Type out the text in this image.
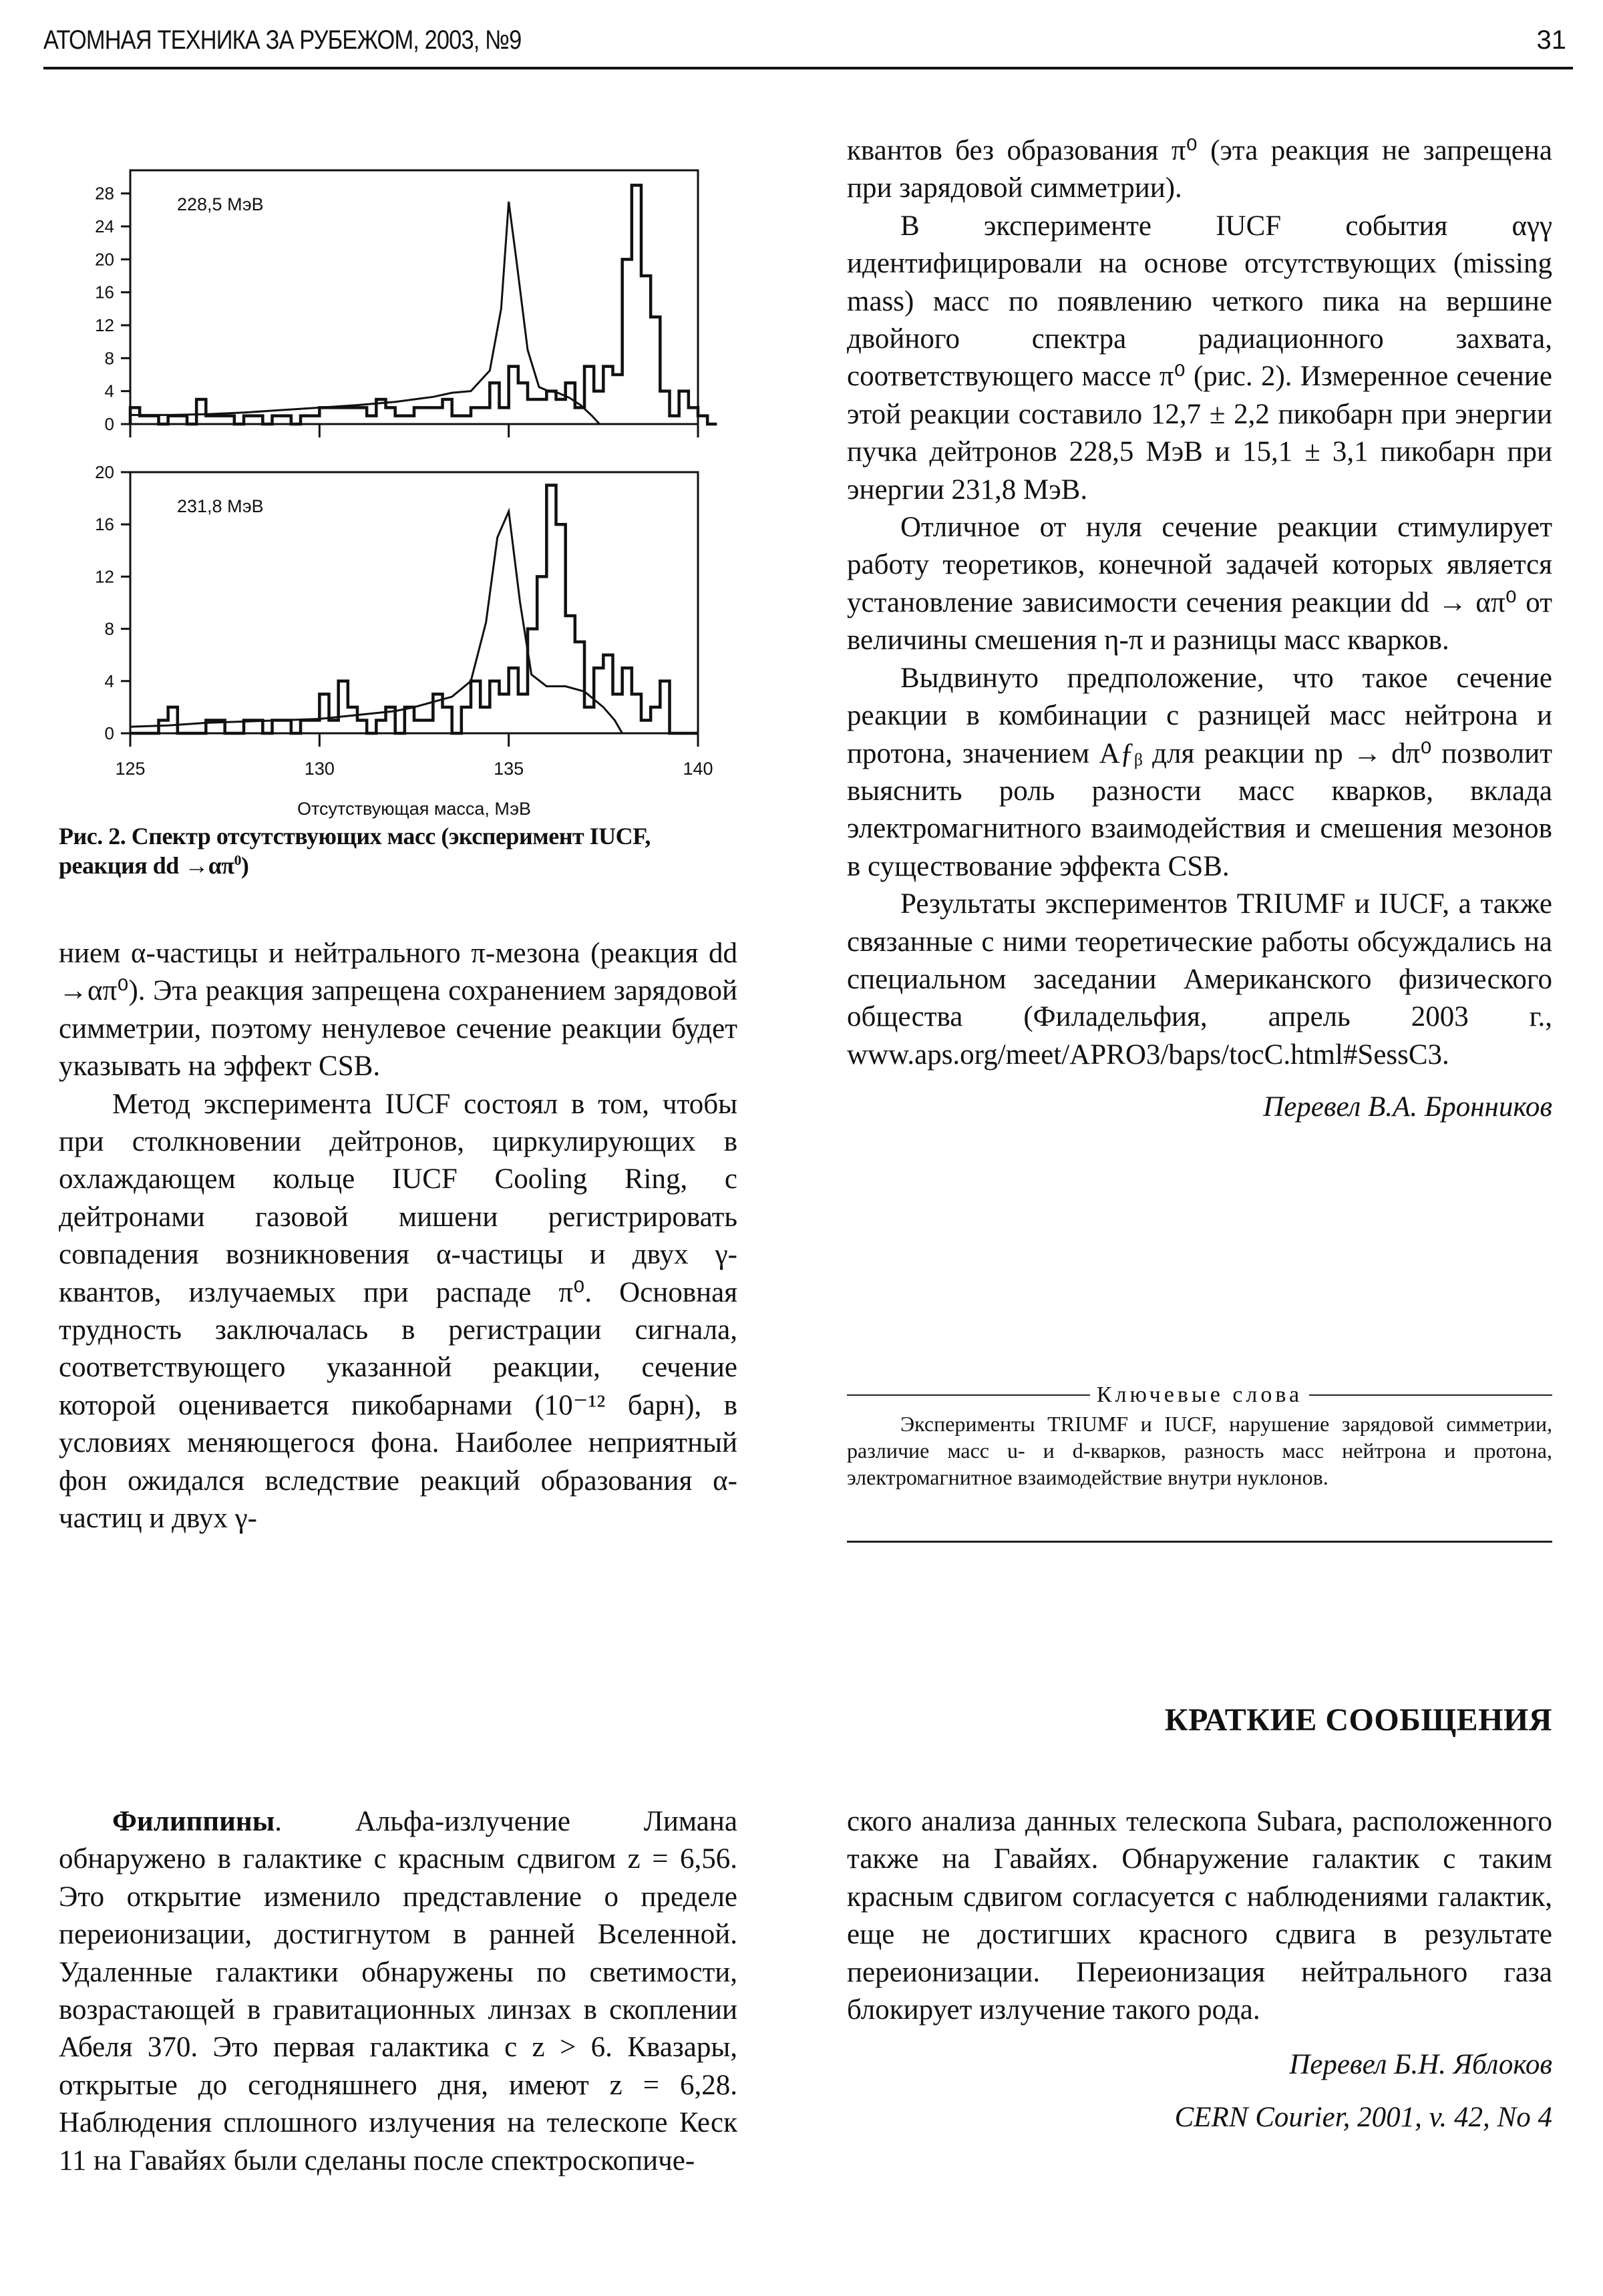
АТОМНАЯ ТЕХНИКА ЗА РУБЕЖОМ, 2003, №9	31
0
4
8
12
16
20
24
28
228,5 МэВ
0
4
8
12
16
20
125	130	135	140
231,8 МэВ
Отсутствующая масса, МэВ
Рис. 2. Спектр отсутствующих масс (эксперимент IUCF,
реакция dd $\to\alpha\pi^0$)

нием α-частицы и нейтрального π-мезона (реакция dd →απ⁰). Эта реакция запрещена сохранением зарядовой симметрии, поэтому ненулевое сечение реакции будет указывать на эффект CSB.

Метод эксперимента IUCF состоял в том, чтобы при столкновении дейтронов, циркулирующих в охлаждающем кольце IUCF Cooling Ring, с дейтронами газовой мишени регистрировать совпадения возникновения α-частицы и двух γ-квантов, излучаемых при распаде π⁰. Основная трудность заключалась в регистрации сигнала, соответствующего указанной реакции, сечение которой оценивается пикобарнами (10⁻¹² барн), в условиях меняющегося фона. Наиболее неприятный фон ожидался вследствие реакций образования α-частиц и двух γ-

квантов без образования π⁰ (эта реакция не запрещена при зарядовой симметрии).

В эксперименте IUCF события αγγ идентифицировали на основе отсутствующих (missing mass) масс по появлению четкого пика на вершине двойного спектра радиационного захвата, соответствующего массе π⁰ (рис. 2). Измеренное сечение этой реакции составило 12,7 ± 2,2 пикобарн при энергии пучка дейтронов 228,5 МэВ и 15,1 ± 3,1 пикобарн при энергии 231,8 МэВ.

Отличное от нуля сечение реакции стимулирует работу теоретиков, конечной задачей которых является установление зависимости сечения реакции dd → απ⁰ от величины смешения η-π и разницы масс кварков.

Выдвинуто предположение, что такое сечение реакции в комбинации с разницей масс нейтрона и протона, значением Aƒᵦ для реакции np → dπ⁰ позволит выяснить роль разности масс кварков, вклада электромагнитного взаимодействия и смешения мезонов в существование эффекта CSB.

Результаты экспериментов TRIUMF и IUCF, а также связанные с ними теоретические работы обсуждались на специальном заседании Американского физического общества (Филадельфия, апрель 2003 г., www.aps.org/meet/APRO3/baps/tocC.html#SessC3.

Перевел В.А. Бронников

Ключевые слова
Эксперименты TRIUMF и IUCF, нарушение зарядовой симметрии, различие масс u- и d-кварков, разность масс нейтрона и протона, электромагнитное взаимодействие внутри нуклонов.
КРАТКИЕ СООБЩЕНИЯ

Филиппины. Альфа-излучение Лимана обнаружено в галактике с красным сдвигом z = 6,56. Это открытие изменило представление о пределе переионизации, достигнутом в ранней Вселенной. Удаленные галактики обнаружены по светимости, возрастающей в гравитационных линзах в скоплении Абеля 370. Это первая галактика с z > 6. Квазары, открытые до сегодняшнего дня, имеют z = 6,28. Наблюдения сплошного излучения на телескопе Кеск 11 на Гавайях были сделаны после спектроскопиче-

ского анализа данных телескопа Subara, расположенного также на Гавайях. Обнаружение галактик с таким красным сдвигом согласуется с наблюдениями галактик, еще не достигших красного сдвига в результате переионизации. Переионизация нейтрального газа блокирует излучение такого рода.

Перевел Б.Н. Яблоков

CERN Courier, 2001, v. 42, No 4
